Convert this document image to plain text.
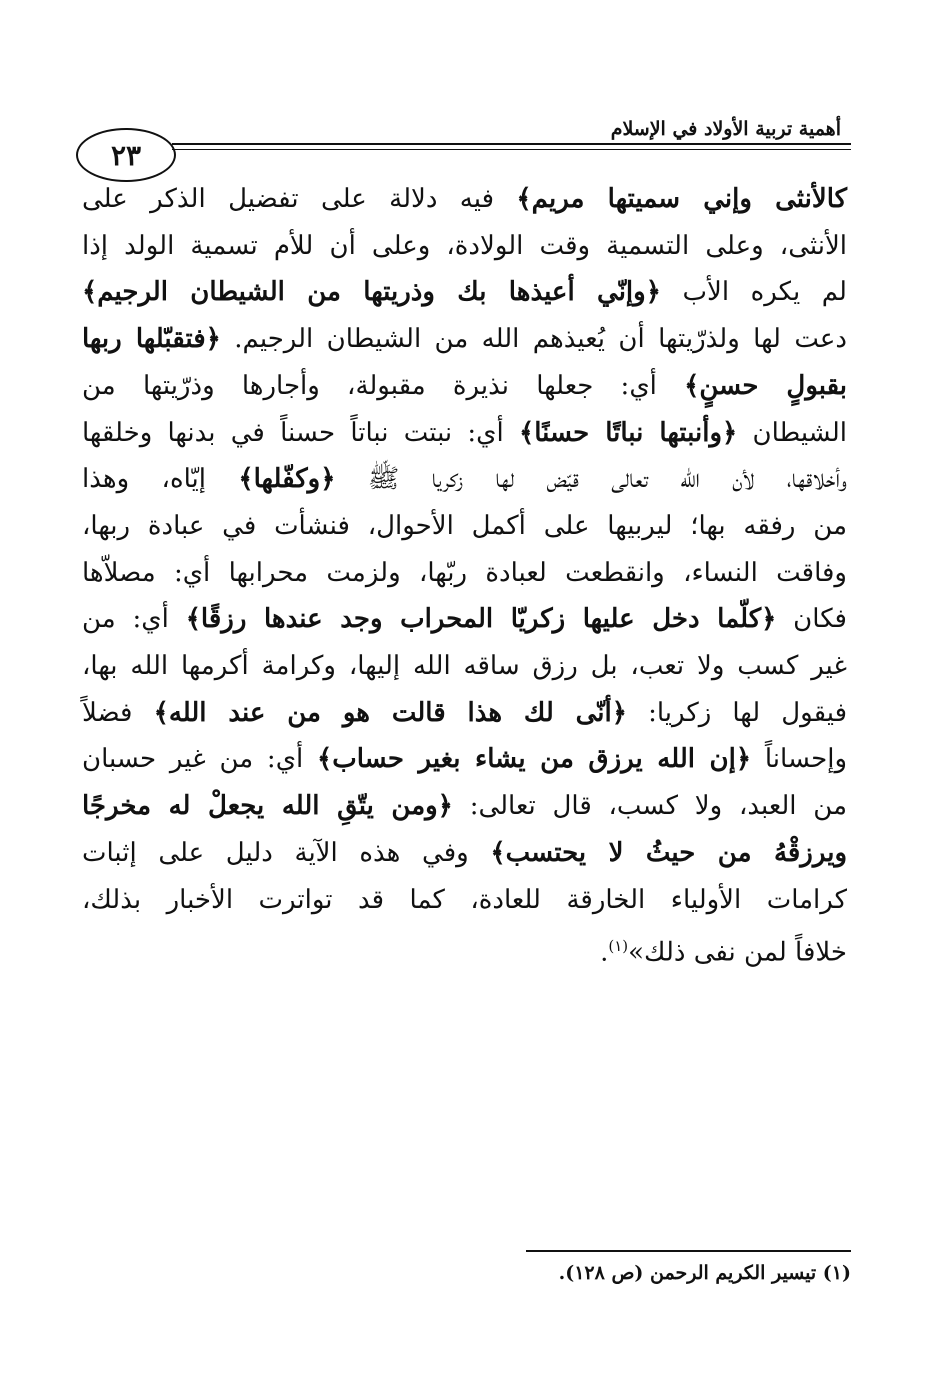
أهمية تربية الأولاد في الإسلام
٢٣
كالأنثى وإني سميتها مريم﴾ فيه دلالة على تفضيل الذكر على
الأنثى، وعلى التسمية وقت الولادة، وعلى أن للأم تسمية الولد إذا
لم يكره الأب ﴿وإنّي أعيذها بك وذريتها من الشيطان الرجيم﴾
دعت لها ولذرّيتها أن يُعيذهم الله من الشيطان الرجيم. ﴿فتقبّلها ربها
بقبولٍ حسنٍ﴾ أي: جعلها نذيرة مقبولة، وأجارها وذرّيتها من
الشيطان ﴿وأنبتها نباتًا حسنًا﴾ أي: نبتت نباتاً حسناً في بدنها وخلقها
وأخلاقها، لأن الله تعالى قيّض لها زكريا ﷺ ﴿وكفّلها﴾ إيّاه، وهذا
من رفقه بها؛ ليربيها على أكمل الأحوال، فنشأت في عبادة ربها،
وفاقت النساء، وانقطعت لعبادة ربّها، ولزمت محرابها أي: مصلاّها
فكان ﴿كلّما دخل عليها زكريّا المحراب وجد عندها رزقًا﴾ أي: من
غير كسب ولا تعب، بل رزق ساقه الله إليها، وكرامة أكرمها الله بها،
فيقول لها زكريا: ﴿أنّى لك هذا قالت هو من عند الله﴾ فضلاً
وإحساناً ﴿إن الله يرزق من يشاء بغير حساب﴾ أي: من غير حسبان
من العبد، ولا كسب، قال تعالى: ﴿ومن يتّقِ الله يجعلْ له مخرجًا
ويرزقْهُ من حيثُ لا يحتسب﴾ وفي هذه الآية دليل على إثبات
كرامات الأولياء الخارقة للعادة، كما قد تواترت الأخبار بذلك،
خلافاً لمن نفى ذلك»$^{(١)}$.
(١) تيسير الكريم الرحمن (ص ١٢٨).
